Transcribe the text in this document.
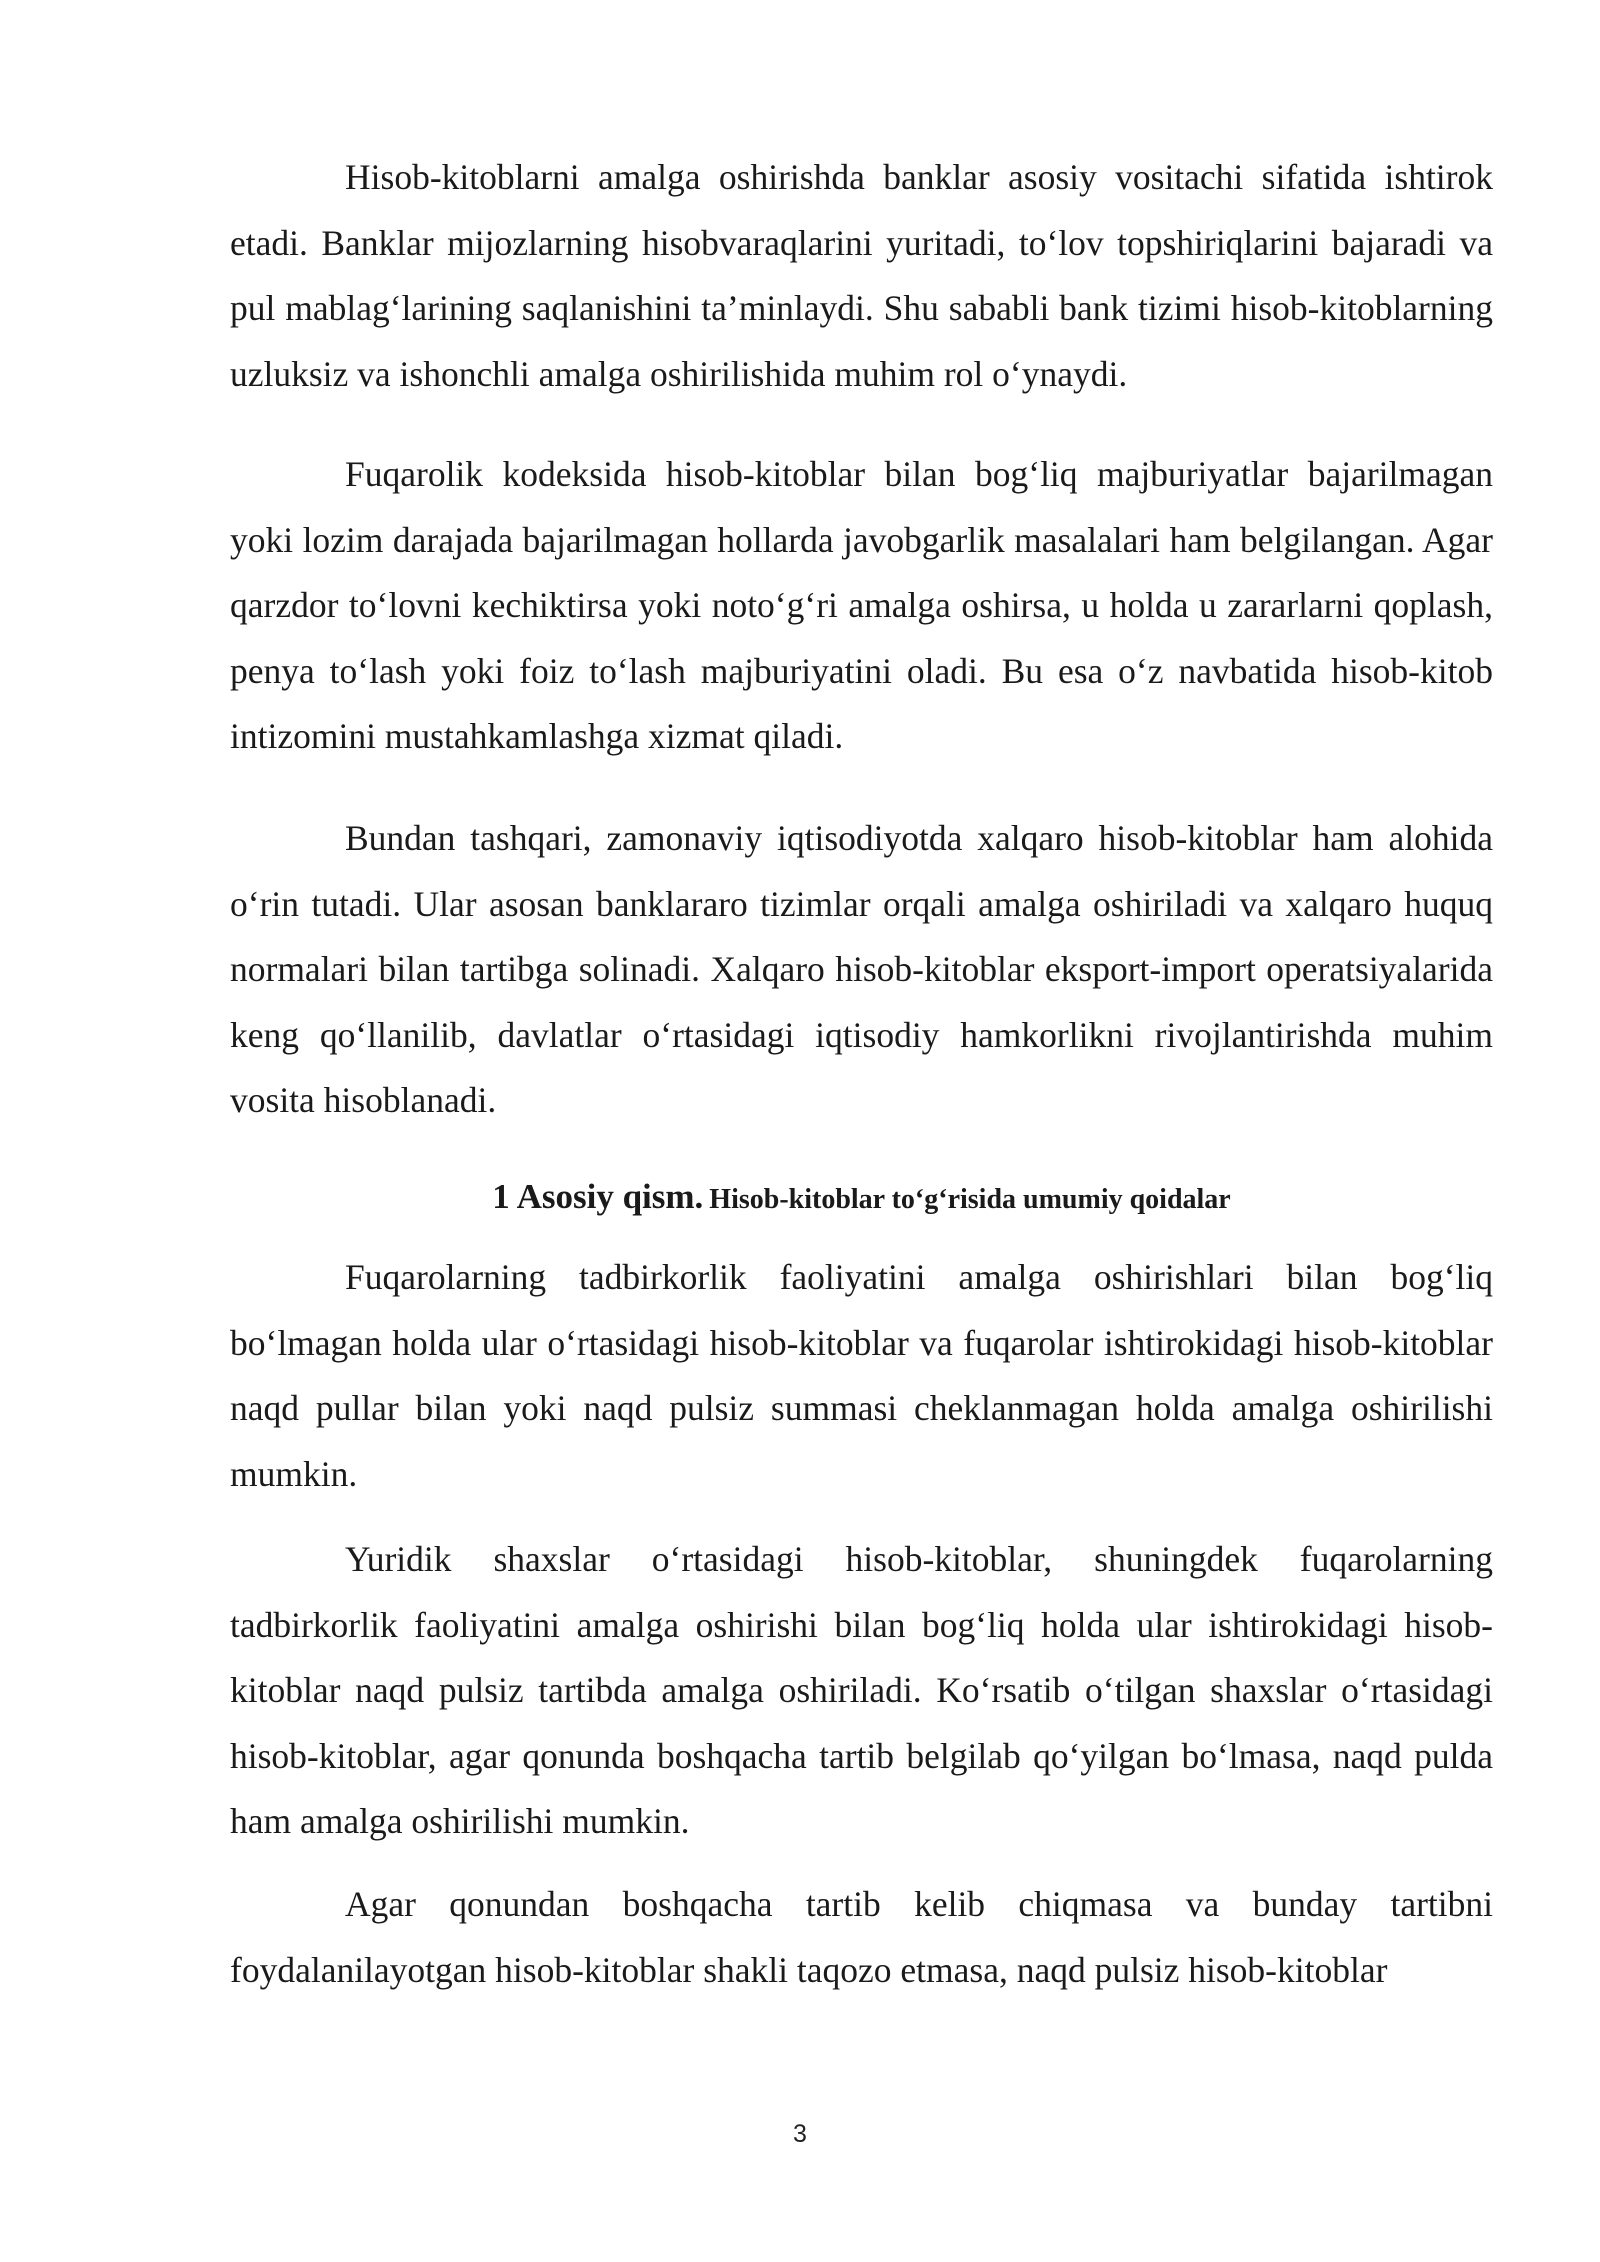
Hisob-kitoblarni amalga oshirishda banklar asosiy vositachi sifatida ishtirok etadi. Banklar mijozlarning hisobvaraqlarini yuritadi, to‘lov topshiriqlarini bajaradi va pul mablag‘larining saqlanishini ta’minlaydi. Shu sababli bank tizimi hisob-kitoblarning uzluksiz va ishonchli amalga oshirilishida muhim rol o‘ynaydi.

Fuqarolik kodeksida hisob-kitoblar bilan bog‘liq majburiyatlar bajarilmagan yoki lozim darajada bajarilmagan hollarda javobgarlik masalalari ham belgilangan. Agar qarzdor to‘lovni kechiktirsa yoki noto‘g‘ri amalga oshirsa, u holda u zararlarni qoplash, penya to‘lash yoki foiz to‘lash majburiyatini oladi. Bu esa o‘z navbatida hisob-kitob intizomini mustahkamlashga xizmat qiladi.

Bundan tashqari, zamonaviy iqtisodiyotda xalqaro hisob-kitoblar ham alohida o‘rin tutadi. Ular asosan banklararo tizimlar orqali amalga oshiriladi va xalqaro huquq normalari bilan tartibga solinadi. Xalqaro hisob-kitoblar eksport-import operatsiyalarida keng qo‘llanilib, davlatlar o‘rtasidagi iqtisodiy hamkorlikni rivojlantirishda muhim vosita hisoblanadi.

1 Asosiy qism. Hisob-kitoblar to‘g‘risida umumiy qoidalar

Fuqarolarning tadbirkorlik faoliyatini amalga oshirishlari bilan bog‘liq bo‘lmagan holda ular o‘rtasidagi hisob-kitoblar va fuqarolar ishtirokidagi hisob-kitoblar naqd pullar bilan yoki naqd pulsiz summasi cheklanmagan holda amalga oshirilishi mumkin.

Yuridik shaxslar o‘rtasidagi hisob-kitoblar, shuningdek fuqarolarning tadbirkorlik faoliyatini amalga oshirishi bilan bog‘liq holda ular ishtirokidagi hisob-kitoblar naqd pulsiz tartibda amalga oshiriladi. Ko‘rsatib o‘tilgan shaxslar o‘rtasidagi hisob-kitoblar, agar qonunda boshqacha tartib belgilab qo‘yilgan bo‘lmasa, naqd pulda ham amalga oshirilishi mumkin.

Agar qonundan boshqacha tartib kelib chiqmasa va bunday tartibni foydalanilayotgan hisob-kitoblar shakli taqozo etmasa, naqd pulsiz hisob-kitoblar

3
